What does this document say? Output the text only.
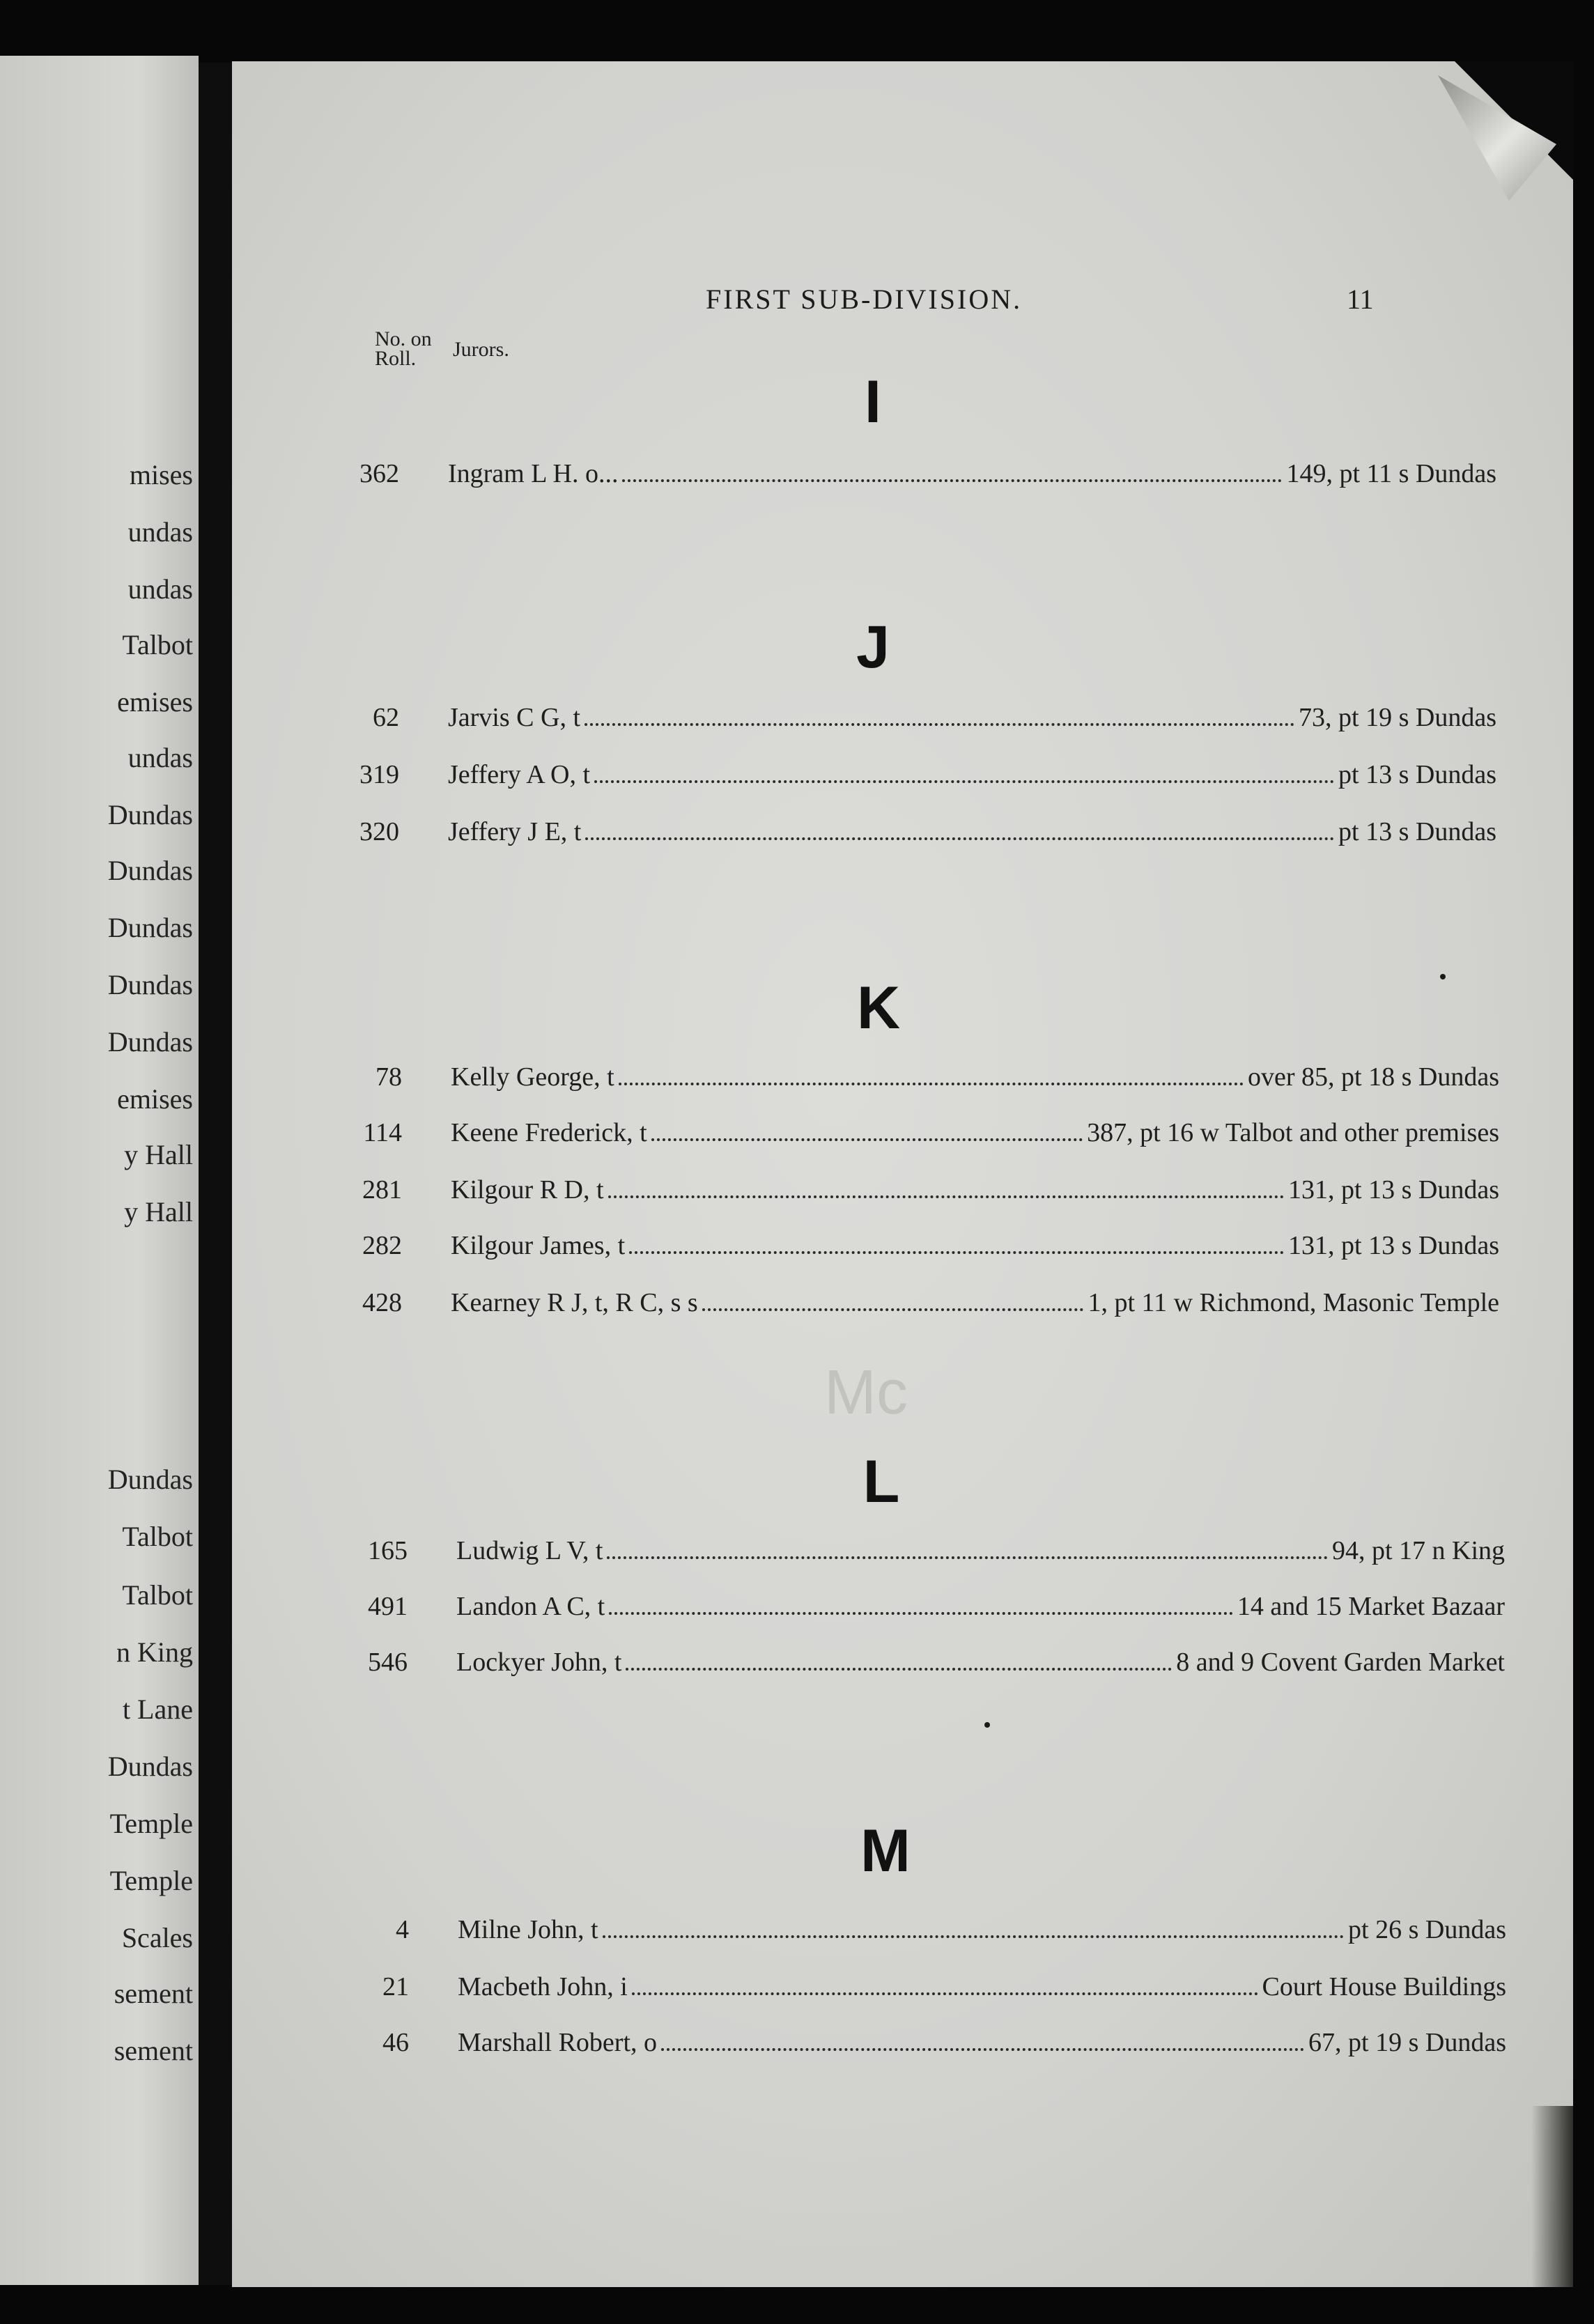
mises
undas
undas
Talbot
emises
undas
Dundas
Dundas
Dundas
Dundas
Dundas
emises
y Hall
y Hall
Dundas
Talbot
Talbot
n King
t Lane
Dundas
Temple
Temple
Scales
sement
sement
FIRST SUB-DIVISION.	11
No. on Roll.	Jurors.
Mc
I
362 Ingram L H. o...	149, pt 11 s Dundas
J
62 Jarvis C G, t	73, pt 19 s Dundas
319 Jeffery A O, t	pt 13 s Dundas
320 Jeffery J E, t	pt 13 s Dundas
K
78 Kelly George, t	over 85, pt 18 s Dundas
114 Keene Frederick, t	387, pt 16 w Talbot and other premises
281 Kilgour R D, t	131, pt 13 s Dundas
282 Kilgour James, t	131, pt 13 s Dundas
428 Kearney R J, t, R C, s s	1, pt 11 w Richmond, Masonic Temple
L
165 Ludwig L V, t	94, pt 17 n King
491 Landon A C, t	14 and 15 Market Bazaar
546 Lockyer John, t	8 and 9 Covent Garden Market
M
4 Milne John, t	pt 26 s Dundas
21 Macbeth John, i	Court House Buildings
46 Marshall Robert, o	67, pt 19 s Dundas
